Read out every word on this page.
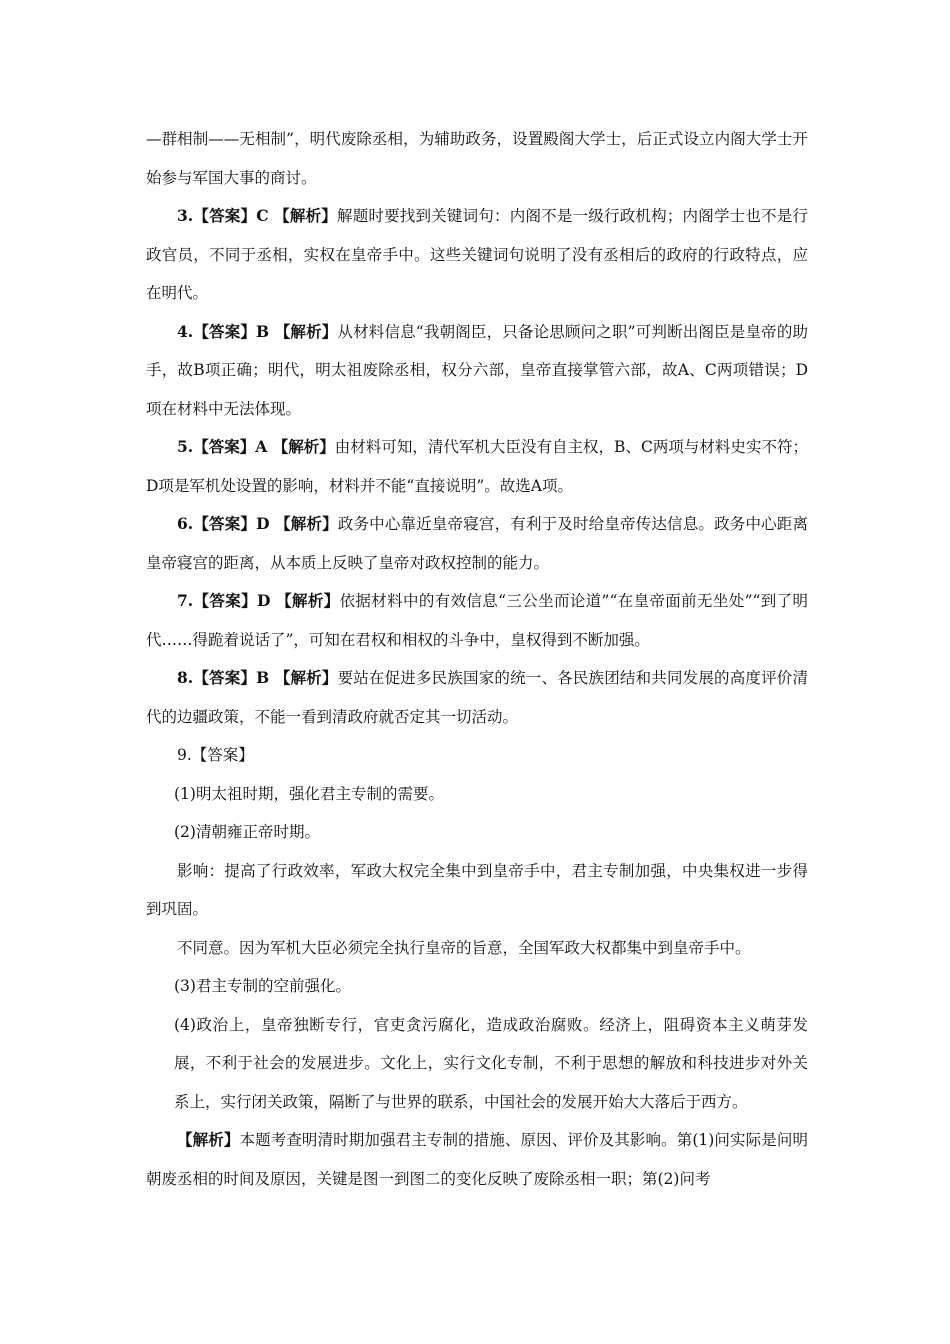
—群相制——无相制”，明代废除丞相，为辅助政务，设置殿阁大学士，后正式设立内阁大学士开始参与军国大事的商讨。

3.【答案】C 【解析】解题时要找到关键词句：内阁不是一级行政机构；内阁学士也不是行政官员，不同于丞相，实权在皇帝手中。这些关键词句说明了没有丞相后的政府的行政特点，应在明代。

4.【答案】B 【解析】从材料信息“我朝阁臣，只备论思顾问之职”可判断出阁臣是皇帝的助手，故B项正确；明代，明太祖废除丞相，权分六部，皇帝直接掌管六部，故A、C两项错误；D项在材料中无法体现。

5.【答案】A 【解析】由材料可知，清代军机大臣没有自主权，B、C两项与材料史实不符；D项是军机处设置的影响，材料并不能“直接说明”。故选A项。

6.【答案】D 【解析】政务中心靠近皇帝寝宫，有利于及时给皇帝传达信息。政务中心距离皇帝寝宫的距离，从本质上反映了皇帝对政权控制的能力。

7.【答案】D 【解析】依据材料中的有效信息“三公坐而论道”“在皇帝面前无坐处”“到了明代……得跪着说话了”，可知在君权和相权的斗争中，皇权得到不断加强。

8.【答案】B 【解析】要站在促进多民族国家的统一、各民族团结和共同发展的高度评价清代的边疆政策，不能一看到清政府就否定其一切活动。

9.【答案】

(1)明太祖时期，强化君主专制的需要。

(2)清朝雍正帝时期。

影响：提高了行政效率，军政大权完全集中到皇帝手中，君主专制加强，中央集权进一步得到巩固。

不同意。因为军机大臣必须完全执行皇帝的旨意，全国军政大权都集中到皇帝手中。

(3)君主专制的空前强化。

(4)政治上，皇帝独断专行，官吏贪污腐化，造成政治腐败。经济上，阻碍资本主义萌芽发展，不利于社会的发展进步。文化上，实行文化专制，不利于思想的解放和科技进步对外关系上，实行闭关政策，隔断了与世界的联系，中国社会的发展开始大大落后于西方。

【解析】本题考查明清时期加强君主专制的措施、原因、评价及其影响。第(1)问实际是问明朝废丞相的时间及原因，关键是图一到图二的变化反映了废除丞相一职；第(2)问考
